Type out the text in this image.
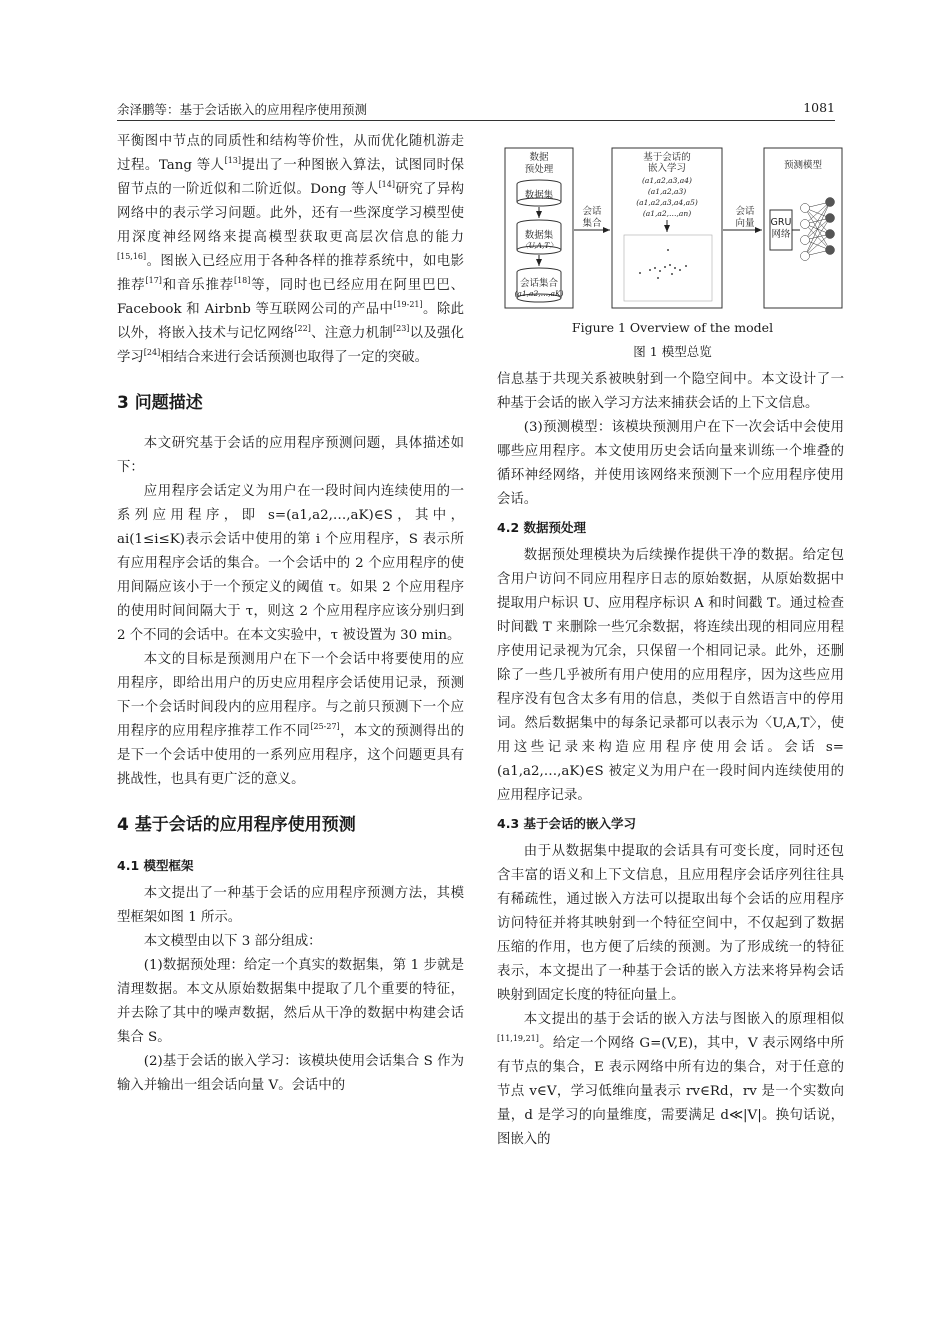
余泽鹏等：基于会话嵌入的应用程序使用预测	1081
数据
预处理
数据集
数据集
〈U,A,T〉
会话集合
(a1,a2,…,aK)
会话
集合
基于会话的
嵌入学习
(a1,a2,a3,a4)
(a1,a2,a3)
(a1,a2,a3,a4,a5)
(a1,a2,…,an)	会话
向量
预测模型
GRU
网络
Figure 1 Overview of the model
图 1 模型总览

平衡图中节点的同质性和结构等价性，从而优化随机游走过程。Tang 等人[13]提出了一种图嵌入算法，试图同时保留节点的一阶近似和二阶近似。Dong 等人[14]研究了异构网络中的表示学习问题。此外，还有一些深度学习模型使用深度神经网络来提高模型获取更高层次信息的能力[15,16]。图嵌入已经应用于各种各样的推荐系统中，如电影推荐[17]和音乐推荐[18]等，同时也已经应用在阿里巴巴、Facebook 和 Airbnb 等互联网公司的产品中[19-21]。除此以外，将嵌入技术与记忆网络[22]、注意力机制[23]以及强化学习[24]相结合来进行会话预测也取得了一定的突破。

3 问题描述

本文研究基于会话的应用程序预测问题，具体描述如下：

应用程序会话定义为用户在一段时间内连续使用的一系列应用程序，即 s=(a1,a2,…,aK)∈S，其中，ai(1≤i≤K)表示会话中使用的第 i 个应用程序，S 表示所有应用程序会话的集合。一个会话中的 2 个应用程序的使用间隔应该小于一个预定义的阈值 τ。如果 2 个应用程序的使用时间间隔大于 τ，则这 2 个应用程序应该分别归到 2 个不同的会话中。在本文实验中，τ 被设置为 30 min。

本文的目标是预测用户在下一个会话中将要使用的应用程序，即给出用户的历史应用程序会话使用记录，预测下一个会话时间段内的应用程序。与之前只预测下一个应用程序的应用程序推荐工作不同[25-27]，本文的预测得出的是下一个会话中使用的一系列应用程序，这个问题更具有挑战性，也具有更广泛的意义。

4 基于会话的应用程序使用预测
4.1 模型框架

本文提出了一种基于会话的应用程序预测方法，其模型框架如图 1 所示。

本文模型由以下 3 部分组成：

(1)数据预处理：给定一个真实的数据集，第 1 步就是清理数据。本文从原始数据集中提取了几个重要的特征，并去除了其中的噪声数据，然后从干净的数据中构建会话集合 S。

(2)基于会话的嵌入学习：该模块使用会话集合 S 作为输入并输出一组会话向量 V。会话中的

信息基于共现关系被映射到一个隐空间中。本文设计了一种基于会话的嵌入学习方法来捕获会话的上下文信息。

(3)预测模型：该模块预测用户在下一次会话中会使用哪些应用程序。本文使用历史会话向量来训练一个堆叠的循环神经网络，并使用该网络来预测下一个应用程序使用会话。

4.2 数据预处理

数据预处理模块为后续操作提供干净的数据。给定包含用户访问不同应用程序日志的原始数据，从原始数据中提取用户标识 U、应用程序标识 A 和时间戳 T。通过检查时间戳 T 来删除一些冗余数据，将连续出现的相同应用程序使用记录视为冗余，只保留一个相同记录。此外，还删除了一些几乎被所有用户使用的应用程序，因为这些应用程序没有包含太多有用的信息，类似于自然语言中的停用词。然后数据集中的每条记录都可以表示为〈U,A,T〉，使用这些记录来构造应用程序使用会话。会话 s=(a1,a2,…,aK)∈S 被定义为用户在一段时间内连续使用的应用程序记录。

4.3 基于会话的嵌入学习

由于从数据集中提取的会话具有可变长度，同时还包含丰富的语义和上下文信息，且应用程序会话序列往往具有稀疏性，通过嵌入方法可以提取出每个会话的应用程序访问特征并将其映射到一个特征空间中，不仅起到了数据压缩的作用，也方便了后续的预测。为了形成统一的特征表示，本文提出了一种基于会话的嵌入方法来将异构会话映射到固定长度的特征向量上。

本文提出的基于会话的嵌入方法与图嵌入的原理相似[11,19,21]。给定一个网络 G=(V,E)，其中，V 表示网络中所有节点的集合，E 表示网络中所有边的集合，对于任意的节点 v∈V，学习低维向量表示 rv∈Rd，rv 是一个实数向量，d 是学习的向量维度，需要满足 d≪|V|。换句话说，图嵌入的
